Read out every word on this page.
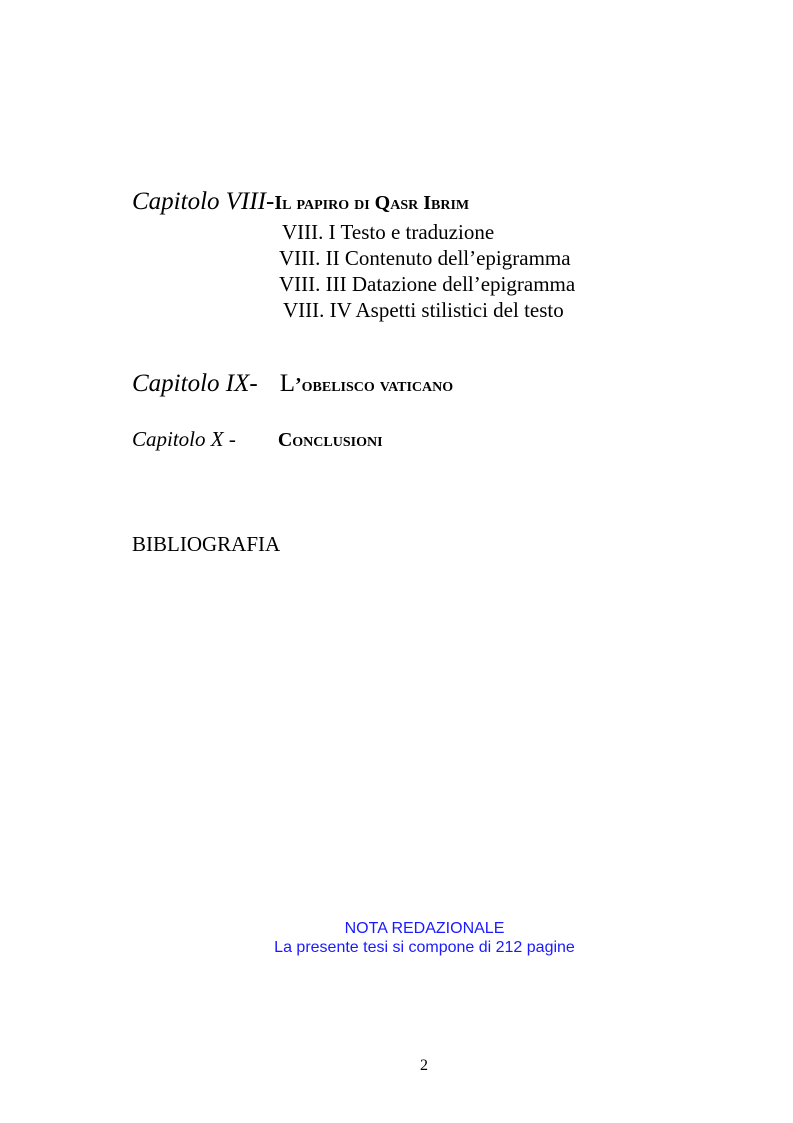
Capitolo VIII-Il papiro di Qasr Ibrim
VIII. I Testo e traduzione
VIII. II Contenuto dell’epigramma
VIII. III Datazione dell’epigramma
VIII. IV Aspetti stilistici del testo
Capitolo IX- L’obelisco vaticano
Capitolo X - Conclusioni
BIBLIOGRAFIA
NOTA REDAZIONALE
La presente tesi si compone di 212 pagine
2
